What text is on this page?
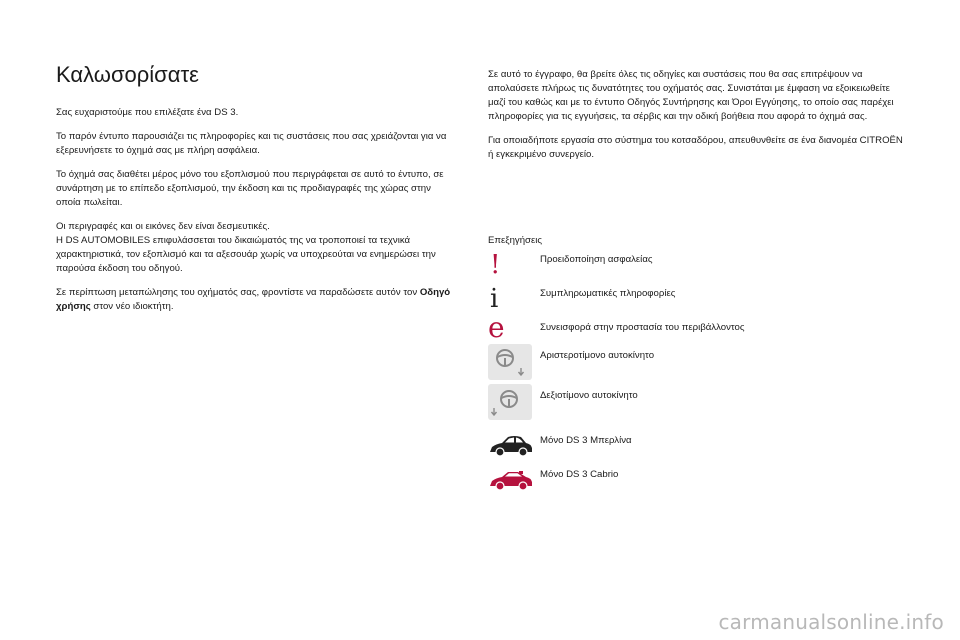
Καλωσορίσατε

Σας ευχαριστούμε που επιλέξατε ένα DS 3.

Το παρόν έντυπο παρουσιάζει τις πληροφορίες και τις συστάσεις που σας χρειάζονται για να εξερευνήσετε το όχημά σας με πλήρη ασφάλεια.

Το όχημά σας διαθέτει μέρος μόνο του εξοπλισμού που περιγράφεται σε αυτό το έντυπο, σε συνάρτηση με το επίπεδο εξοπλισμού, την έκδοση και τις προδιαγραφές της χώρας στην οποία πωλείται.

Οι περιγραφές και οι εικόνες δεν είναι δεσμευτικές.
Η DS AUTOMOBILES επιφυλάσσεται του δικαιώματός της να τροποποιεί τα τεχνικά χαρακτηριστικά, τον εξοπλισμό και τα αξεσουάρ χωρίς να υποχρεούται να ενημερώσει την παρούσα έκδοση του οδηγού.

Σε περίπτωση μεταπώλησης του οχήματός σας, φροντίστε να παραδώσετε αυτόν τον Οδηγό χρήσης στον νέο ιδιοκτήτη.

Σε αυτό το έγγραφο, θα βρείτε όλες τις οδηγίες και συστάσεις που θα σας επιτρέψουν να απολαύσετε πλήρως τις δυνατότητες του οχήματός σας. Συνιστάται με έμφαση να εξοικειωθείτε μαζί του καθώς και με το έντυπο Οδηγός Συντήρησης και Όροι Εγγύησης, το οποίο σας παρέχει πληροφορίες για τις εγγυήσεις, τα σέρβις και την οδική βοήθεια που αφορά το όχημά σας.

Για οποιαδήποτε εργασία στο σύστημα του κοτσαδόρου, απευθυνθείτε σε ένα διανομέα CITROËN ή εγκεκριμένο συνεργείο.

Επεξηγήσεις

!	Προειδοποίηση ασφαλείας
i	Συμπληρωματικές πληροφορίες
e	Συνεισφορά στην προστασία του περιβάλλοντος
Αριστεροτίμονο αυτοκίνητο
Δεξιοτίμονο αυτοκίνητο
Μόνο DS 3 Μπερλίνα
Μόνο DS 3 Cabrio
carmanualsonline.info
